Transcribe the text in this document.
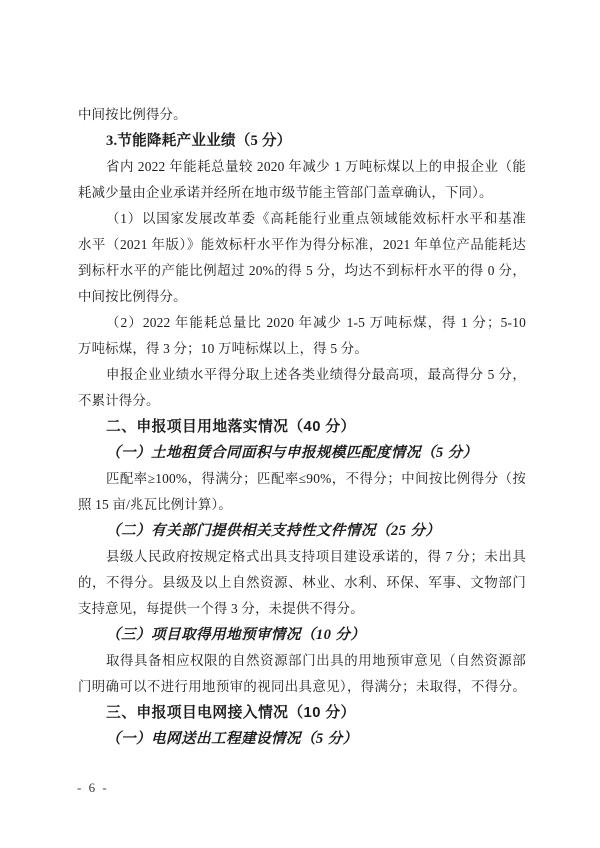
中间按比例得分。
3.节能降耗产业业绩（5 分）
省内 2022 年能耗总量较 2020 年减少 1 万吨标煤以上的申报企业（能
耗减少量由企业承诺并经所在地市级节能主管部门盖章确认，下同）。
（1）以国家发展改革委《高耗能行业重点领域能效标杆水平和基准
水平（2021 年版）》能效标杆水平作为得分标准，2021 年单位产品能耗达
到标杆水平的产能比例超过 20%的得 5 分，均达不到标杆水平的得 0 分，
中间按比例得分。
（2）2022 年能耗总量比 2020 年减少 1-5 万吨标煤，得 1 分；5-10
万吨标煤，得 3 分；10 万吨标煤以上，得 5 分。
申报企业业绩水平得分取上述各类业绩得分最高项，最高得分 5 分，
不累计得分。
二、申报项目用地落实情况（40 分）
（一）土地租赁合同面积与申报规模匹配度情况（5 分）
匹配率≥100%，得满分；匹配率≤90%，不得分；中间按比例得分（按
照 15 亩/兆瓦比例计算）。
（二）有关部门提供相关支持性文件情况（25 分）
县级人民政府按规定格式出具支持项目建设承诺的，得 7 分；未出具
的，不得分。县级及以上自然资源、林业、水利、环保、军事、文物部门
支持意见，每提供一个得 3 分，未提供不得分。
（三）项目取得用地预审情况（10 分）
取得具备相应权限的自然资源部门出具的用地预审意见（自然资源部
门明确可以不进行用地预审的视同出具意见），得满分；未取得，不得分。
三、申报项目电网接入情况（10 分）
（一）电网送出工程建设情况（5 分）
- 6 -
